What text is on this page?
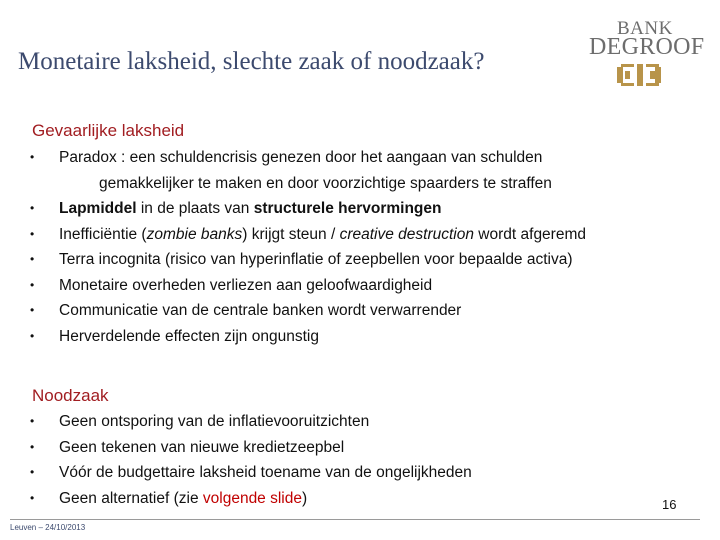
Monetaire laksheid, slechte zaak of noodzaak?
BANK
DEGROOF
Gevaarlijke laksheid
• Paradox : een schuldencrisis genezen door het aangaan van schulden
gemakkelijker te maken en door voorzichtige spaarders te straffen
• Lapmiddel in de plaats van structurele hervormingen
• Inefficiëntie (zombie banks) krijgt steun / creative destruction wordt afgeremd
• Terra incognita (risico van hyperinflatie of zeepbellen voor bepaalde activa)
• Monetaire overheden verliezen aan geloofwaardigheid
• Communicatie van de centrale banken wordt verwarrender
• Herverdelende effecten zijn ongunstig
Noodzaak
• Geen ontsporing van de inflatievooruitzichten
• Geen tekenen van nieuwe kredietzeepbel
• Vóór de budgettaire laksheid toename van de ongelijkheden
• Geen alternatief (zie volgende slide)	16
Leuven – 24/10/2013
